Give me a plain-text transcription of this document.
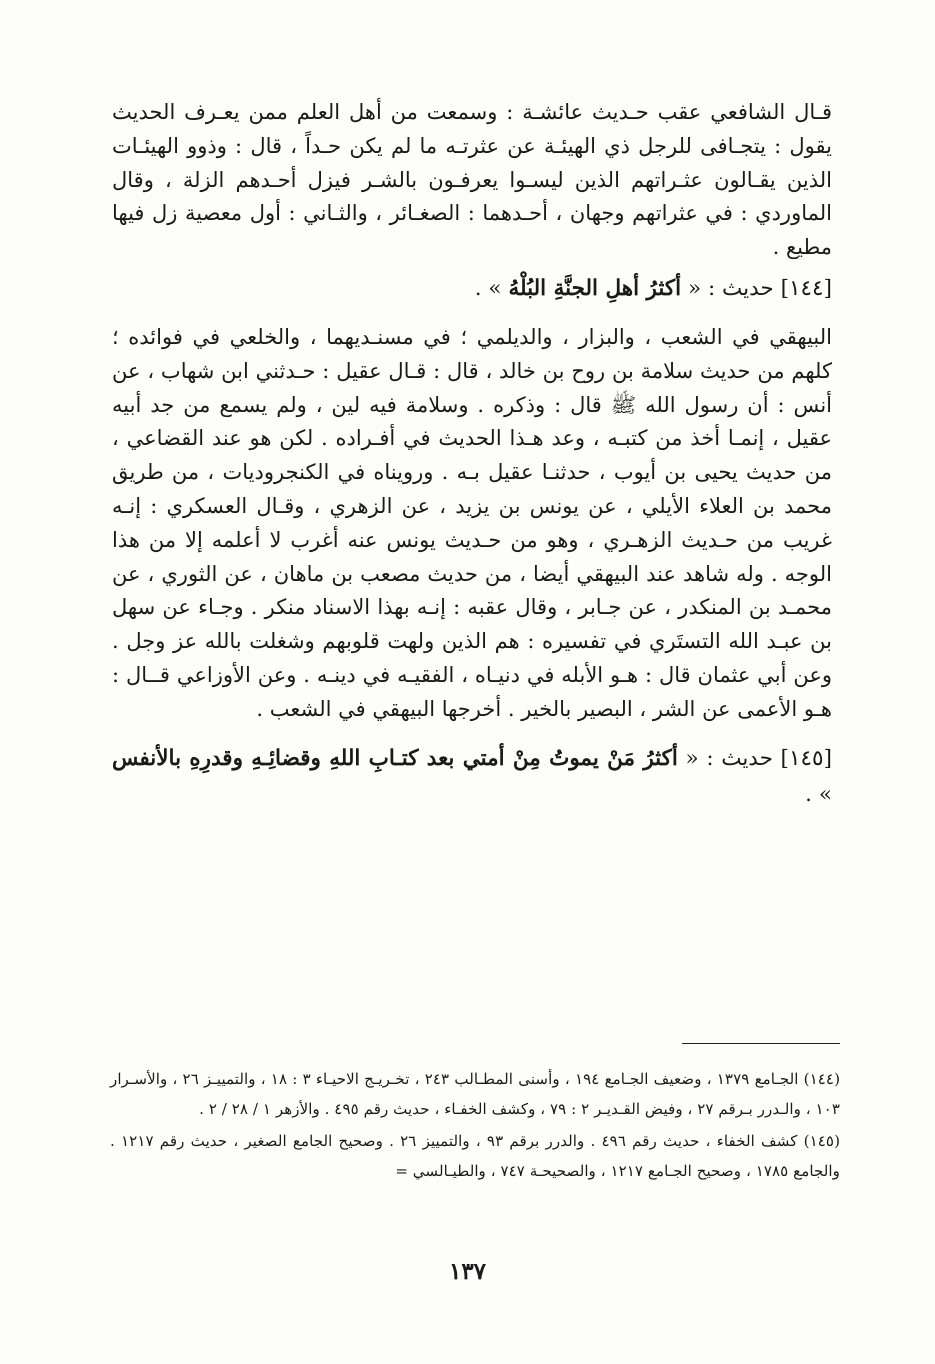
قـال الشافعي عقب حـديث عائشـة : وسمعت من أهل العلم ممن يعـرف الحديث يقول : يتجـافى للرجل ذي الهيئـة عن عثرتـه ما لم يكن حـداً ، قال : وذوو الهيئـات الذين يقـالون عثـراتهم الذين ليسـوا يعرفـون بالشـر فيزل أحـدهم الزلة ، وقال الماوردي : في عثراتهم وجهان ، أحـدهما : الصغـائر ، والثـاني : أول معصية زل فيها مطيع .

[١٤٤] حديث : « أكثرُ أهلِ الجنَّةِ البُلْهُ » .

البيهقي في الشعب ، والبزار ، والديلمي ؛ في مسنـديهما ، والخلعي في فوائده ؛ كلهم من حديث سلامة بن روح بن خالد ، قال : قـال عقيل : حـدثني ابن شهاب ، عن أنس : أن رسول الله ﷺ قال : وذكره . وسلامة فيه لين ، ولم يسمع من جد أبيه عقيل ، إنمـا أخذ من كتبـه ، وعد هـذا الحديث في أفـراده . لكن هو عند القضاعي ، من حديث يحيى بن أيوب ، حدثنـا عقيل بـه . ورويناه في الكنجروديات ، من طريق محمد بن العلاء الأيلي ، عن يونس بن يزيد ، عن الزهري ، وقـال العسكري : إنـه غريب من حـديث الزهـري ، وهو من حـديث يونس عنه أغرب لا أعلمه إلا من هذا الوجه . وله شاهد عند البيهقي أيضا ، من حديث مصعب بن ماهان ، عن الثوري ، عن محمـد بن المنكدر ، عن جـابر ، وقال عقبه : إنـه بهذا الاسناد منكر . وجـاء عن سهل بن عبـد الله التستَري في تفسيره : هم الذين ولهت قلوبهم وشغلت بالله عز وجل . وعن أبي عثمان قال : هـو الأبله في دنيـاه ، الفقيـه في دينـه . وعن الأوزاعي قــال : هـو الأعمى عن الشر ، البصير بالخير . أخرجها البيهقي في الشعب .

[١٤٥] حديث : « أكثرُ مَنْ يموتُ مِنْ أمتي بعد كتـابِ اللهِ وقضائِـهِ وقدرِهِ بالأنفس » .

(١٤٤) الجـامع ١٣٧٩ ، وضعيف الجـامع ١٩٤ ، وأسنى المطـالب ٢٤٣ ، تخـريـج الاحيـاء ٣ : ١٨ ، والتمييـز ٢٦ ، والأسـرار ١٠٣ ، والـدرر بـرقم ٢٧ ، وفيض القـديـر ٢ : ٧٩ ، وكشف الخفـاء ، حديث رقم ٤٩٥ . والأزهر ١ / ٢٨ / ٢ .

(١٤٥) كشف الخفاء ، حديث رقم ٤٩٦ . والدرر برقم ٩٣ ، والتمييز ٢٦ . وصحيح الجامع الصغير ، حديث رقم ١٢١٧ . والجامع ١٧٨٥ ، وصحيح الجـامع ١٢١٧ ، والصحيحـة ٧٤٧ ، والطيـالسي =

١٣٧
